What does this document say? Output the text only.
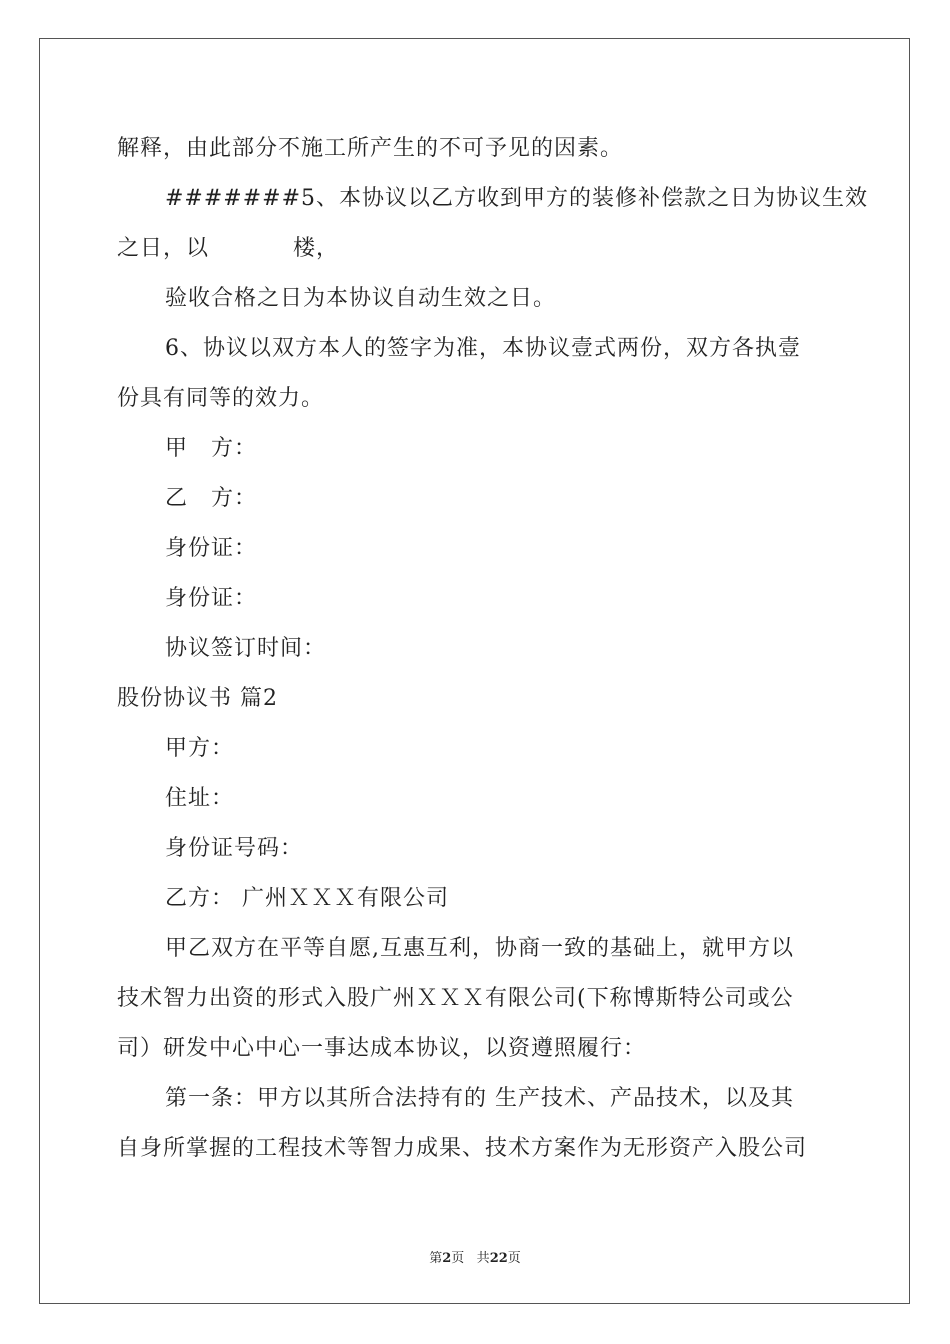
解释，由此部分不施工所产生的不可予见的因素。
#######5、本协议以乙方收到甲方的装修补偿款之日为协议生效
之日，以	楼，
验收合格之日为本协议自动生效之日。
6、协议以双方本人的签字为准，本协议壹式两份，双方各执壹
份具有同等的效力。
甲　方：
乙　方：
身份证：
身份证：
协议签订时间：
股份协议书 篇2
甲方：
住址：
身份证号码：
乙方： 广州ＸＸＸ有限公司
甲乙双方在平等自愿,互惠互利，协商一致的基础上，就甲方以
技术智力出资的形式入股广州ＸＸＸ有限公司(下称博斯特公司或公
司）研发中心中心一事达成本协议，以资遵照履行：
第一条：甲方以其所合法持有的 生产技术、产品技术，以及其
自身所掌握的工程技术等智力成果、技术方案作为无形资产入股公司
第2页 共22页
